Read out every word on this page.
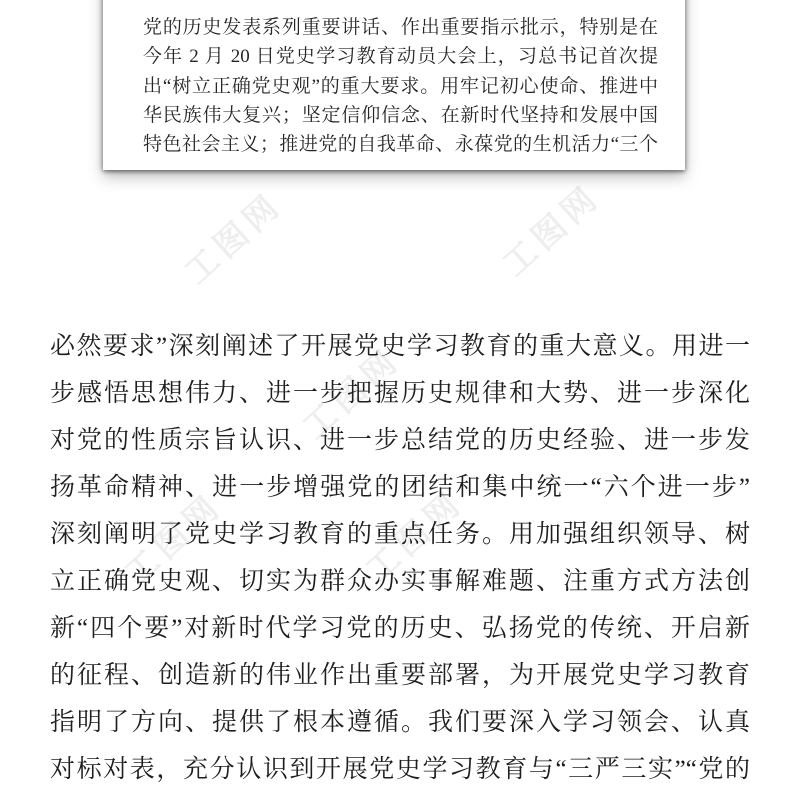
工图网	工图网
工图网
工图网	工图网
党的历史发表系列重要讲话、作出重要指示批示，特别是在
今年 2 月 20 日党史学习教育动员大会上，习总书记首次提
出“树立正确党史观”的重大要求。用牢记初心使命、推进中
华民族伟大复兴；坚定信仰信念、在新时代坚持和发展中国
特色社会主义；推进党的自我革命、永葆党的生机活力“三个
必然要求”深刻阐述了开展党史学习教育的重大意义。用进一
步感悟思想伟力、进一步把握历史规律和大势、进一步深化
对党的性质宗旨认识、进一步总结党的历史经验、进一步发
扬革命精神、进一步增强党的团结和集中统一“六个进一步”
深刻阐明了党史学习教育的重点任务。用加强组织领导、树
立正确党史观、切实为群众办实事解难题、注重方式方法创
新“四个要”对新时代学习党的历史、弘扬党的传统、开启新
的征程、创造新的伟业作出重要部署，为开展党史学习教育
指明了方向、提供了根本遵循。我们要深入学习领会、认真
对标对表，充分认识到开展党史学习教育与“三严三实”“党的
